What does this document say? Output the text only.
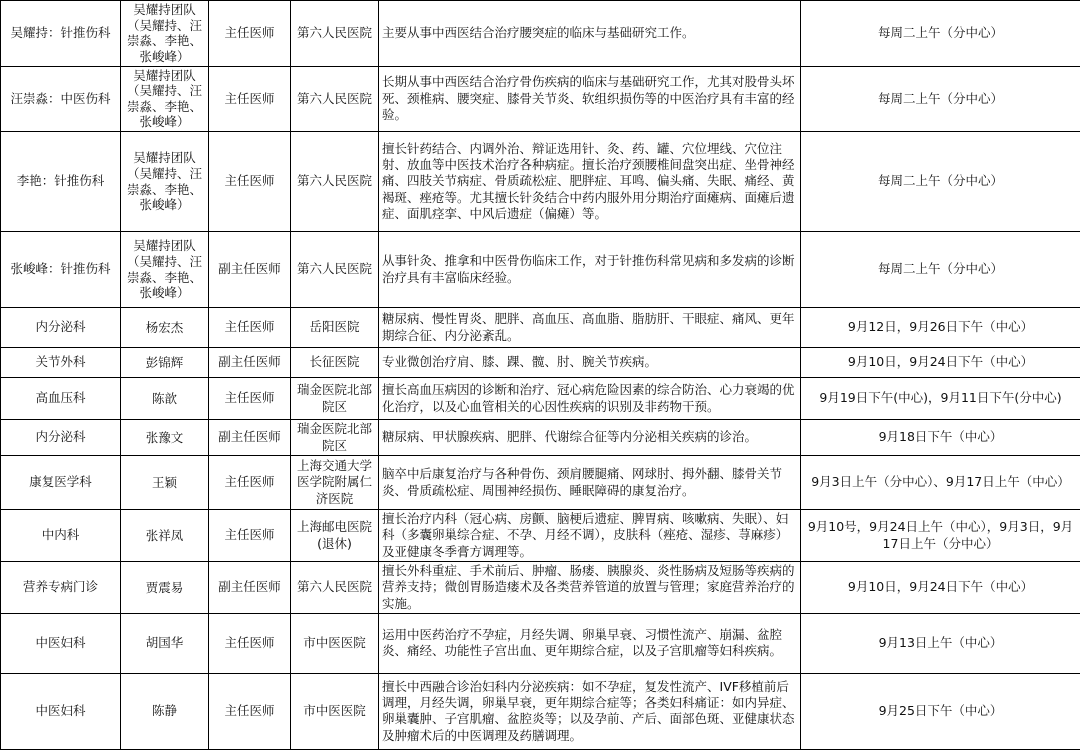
吴耀持：针推伤科	吴耀持团队（吴耀持、汪崇淼、李艳、张峻峰）	主任医师	第六人民医院	主要从事中西医结合治疗腰突症的临床与基础研究工作。	每周二上午（分中心）
汪崇淼：中医伤科	吴耀持团队（吴耀持、汪崇淼、李艳、张峻峰）	主任医师	第六人民医院	长期从事中西医结合治疗骨伤疾病的临床与基础研究工作，尤其对股骨头坏死、颈椎病、腰突症、膝骨关节炎、软组织损伤等的中医治疗具有丰富的经验。	每周二上午（分中心）
李艳：针推伤科	吴耀持团队（吴耀持、汪崇淼、李艳、张峻峰）	主任医师	第六人民医院	擅长针药结合、内调外治、辩证选用针、灸、药、罐、穴位埋线、穴位注射、放血等中医技术治疗各种病症。擅长治疗颈腰椎间盘突出症、坐骨神经痛、四肢关节病症、骨质疏松症、肥胖症、耳鸣、偏头痛、失眠、痛经、黄褐斑、痤疮等。尤其擅长针灸结合中药内服外用分期治疗面瘫病、面瘫后遗症、面肌痉挛、中风后遗症（偏瘫）等。	每周二上午（分中心）
张峻峰：针推伤科	吴耀持团队（吴耀持、汪崇淼、李艳、张峻峰）	副主任医师	第六人民医院	从事针灸、推拿和中医骨伤临床工作，对于针推伤科常见病和多发病的诊断治疗具有丰富临床经验。	每周二上午（分中心）
内分泌科	杨宏杰	主任医师	岳阳医院	糖尿病、慢性胃炎、肥胖、高血压、高血脂、脂肪肝、干眼症、痛风、更年期综合征、内分泌紊乱。	9月12日，9月26日下午（中心）
关节外科	彭锦辉	副主任医师	长征医院	专业微创治疗肩、膝、踝、髋、肘、腕关节疾病。	9月10日，9月24日下午（中心）
高血压科	陈歆	主任医师	瑞金医院北部院区	擅长高血压病因的诊断和治疗、冠心病危险因素的综合防治、心力衰竭的优化治疗，以及心血管相关的心因性疾病的识别及非药物干预。	9月19日下午(中心)，9月11日下午(分中心)
内分泌科	张豫文	副主任医师	瑞金医院北部院区	糖尿病、甲状腺疾病、肥胖、代谢综合征等内分泌相关疾病的诊治。	9月18日下午（中心）
康复医学科	王颖	主任医师	上海交通大学医学院附属仁济医院	脑卒中后康复治疗与各种骨伤、颈肩腰腿痛、网球肘、拇外翻、膝骨关节炎、骨质疏松症、周围神经损伤、睡眠障碍的康复治疗。	9月3日上午（分中心）、9月17日上午（中心）
中内科	张祥凤	主任医师	上海邮电医院(退休)	擅长治疗内科（冠心病、房颤、脑梗后遗症、脾胃病、咳嗽病、失眠）、妇科（多囊卵巢综合症、不孕、月经不调），皮肤科（痤疮、湿疹、荨麻疹）及亚健康冬季膏方调理等。	9月10号，9月24日上午（中心），9月3日，9月17日上午（分中心）
营养专病门诊	贾震易	副主任医师	第六人民医院	擅长外科重症、手术前后、肿瘤、肠瘘、胰腺炎、炎性肠病及短肠等疾病的营养支持；微创胃肠造瘘术及各类营养管道的放置与管理；家庭营养治疗的实施。	9月10日，9月24日下午（中心）
中医妇科	胡国华	主任医师	市中医医院	运用中医药治疗不孕症，月经失调、卵巢早衰、习惯性流产、崩漏、盆腔炎、痛经、功能性子宫出血、更年期综合症，以及子宫肌瘤等妇科疾病。	9月13日上午（中心）
中医妇科	陈静	主任医师	市中医医院	擅长中西融合诊治妇科内分泌疾病：如不孕症，复发性流产、IVF移植前后调理，月经失调，卵巢早衰，更年期综合症等；各类妇科痛证：如内异症、卵巢囊肿、子宫肌瘤、盆腔炎等；以及孕前、产后、面部色斑、亚健康状态及肿瘤术后的中医调理及药膳调理。	9月25日下午（中心）
